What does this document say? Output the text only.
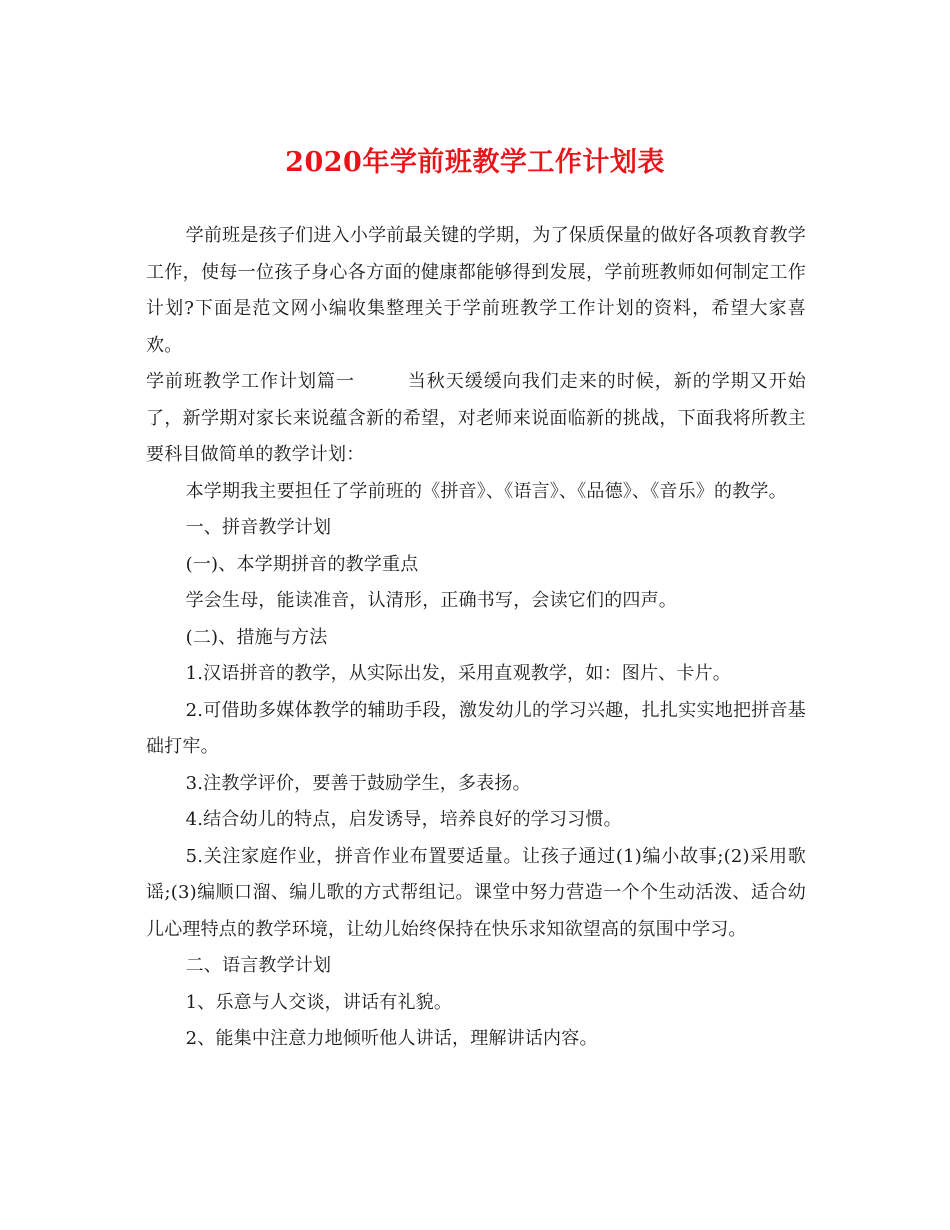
2020年学前班教学工作计划表

学前班是孩子们进入小学前最关键的学期，为了保质保量的做好各项教育教学工作，使每一位孩子身心各方面的健康都能够得到发展，学前班教师如何制定工作计划?下面是范文网小编收集整理关于学前班教学工作计划的资料，希望大家喜欢。

学前班教学工作计划篇一	当秋天缓缓向我们走来的时候，新的学期又开始了，新学期对家长来说蕴含新的希望，对老师来说面临新的挑战，下面我将所教主要科目做简单的教学计划：

本学期我主要担任了学前班的《拼音》、《语言》、《品德》、《音乐》的教学。

一、拼音教学计划

(一)、本学期拼音的教学重点

学会生母，能读准音，认清形，正确书写，会读它们的四声。

(二)、措施与方法

1.汉语拼音的教学，从实际出发，采用直观教学，如：图片、卡片。

2.可借助多媒体教学的辅助手段，激发幼儿的学习兴趣，扎扎实实地把拼音基础打牢。

3.注教学评价，要善于鼓励学生，多表扬。

4.结合幼儿的特点，启发诱导，培养良好的学习习惯。

5.关注家庭作业，拼音作业布置要适量。让孩子通过(1)编小故事;(2)采用歌谣;(3)编顺口溜、编儿歌的方式帮组记。课堂中努力营造一个个生动活泼、适合幼儿心理特点的教学环境，让幼儿始终保持在快乐求知欲望高的氛围中学习。

二、语言教学计划

1、乐意与人交谈，讲话有礼貌。

2、能集中注意力地倾听他人讲话，理解讲话内容。
